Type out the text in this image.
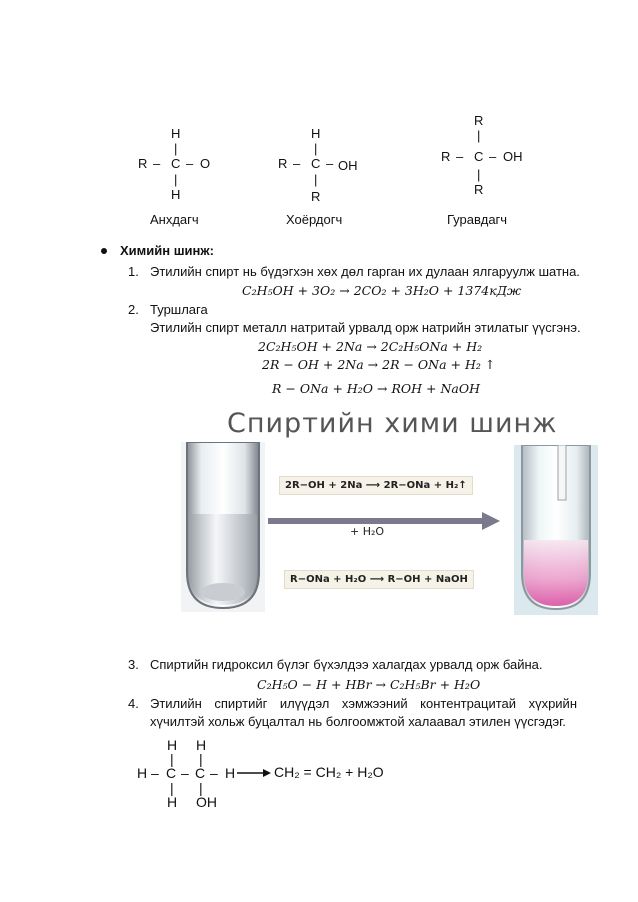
H
|
R – C – O
|
H
H
|
R – C – OH
|
R
R
|
R – C – OH
|
R
Анхдагч	Хоёрдогч	Гуравдагч
Химийн шинж:
1. Этилийн спирт нь бүдэгхэн хөх дөл гарган их дулаан ялгаруулж шатна.
C₂H₅OH + 3O₂ → 2CO₂ + 3H₂O + 1374кДж
2. Туршлага
Этилийн спирт металл натритай урвалд орж натрийн этилатыг үүсгэнэ.
2C₂H₅OH + 2Na → 2C₂H₅ONa + H₂
2R − OH + 2Na → 2R − ONa + H₂ ↑
R − ONa + H₂O → ROH + NaOH
Спиртийн хими шинж
2R−OH + 2Na ⟶ 2R−ONa + H₂↑
+ H₂O
R−ONa + H₂O ⟶ R−OH + NaOH
3. Спиртийн гидроксил бүлэг бүхэлдээ халагдах урвалд орж байна.
C₂H₅O − H + HBr → C₂H₅Br + H₂O
4. Этилийн спиртийг илүүдэл хэмжээний контентрацитай хүхрийн
хүчилтэй хольж буцалтал нь болгоомжтой халаавал этилен үүсгэдэг.
H H
| |
H – C – C – H
| |
H OH
→ CH₂ = CH₂ + H₂O
